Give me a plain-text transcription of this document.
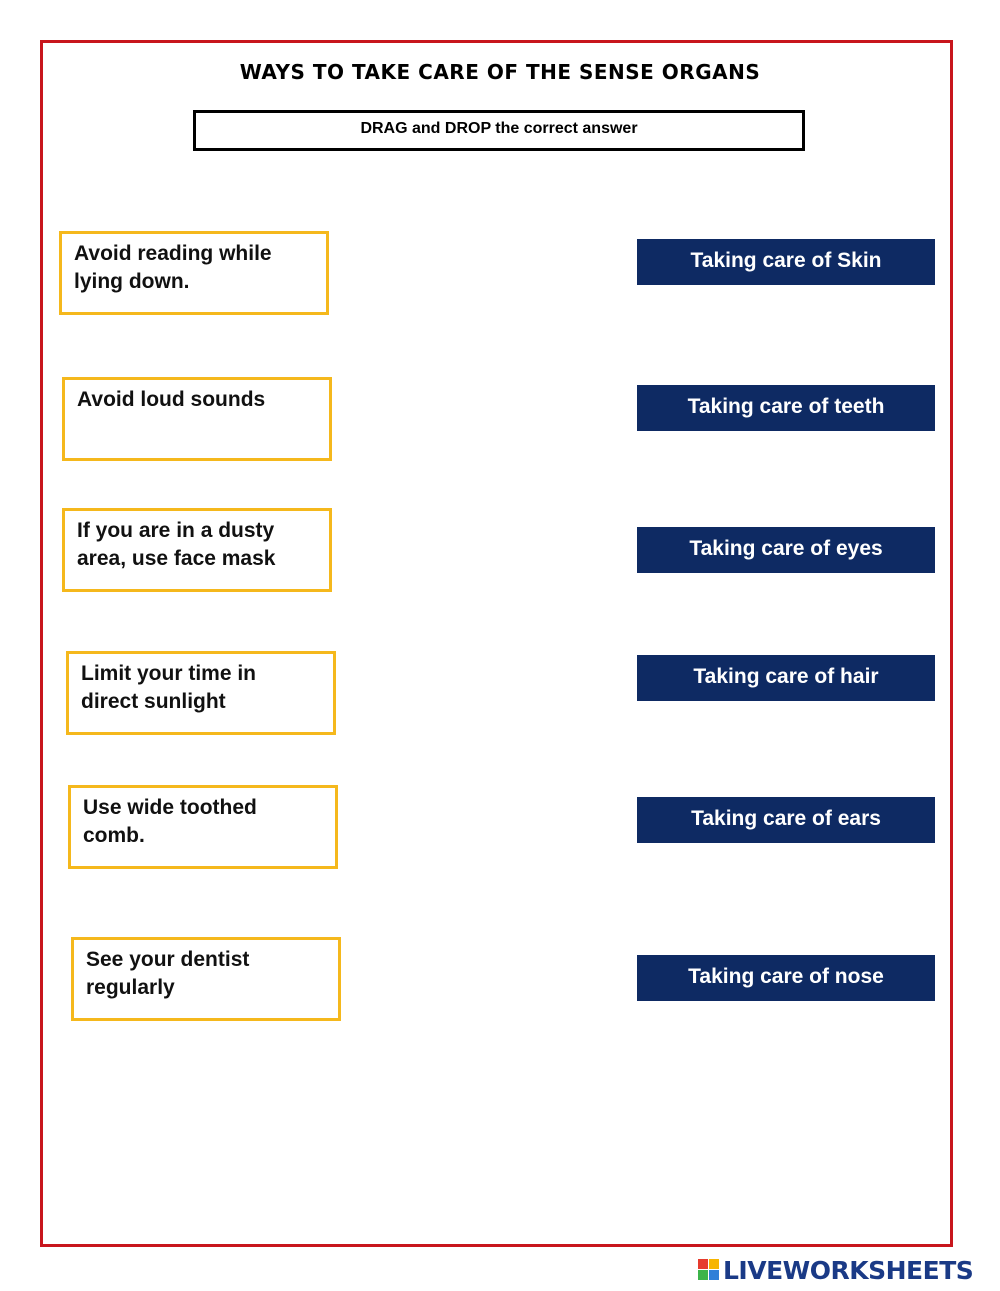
WAYS TO TAKE CARE OF THE SENSE ORGANS
DRAG and DROP the correct answer
Avoid reading while
lying down.
Avoid loud sounds
If you are in a dusty
area, use face mask
Limit your time in
direct sunlight
Use wide toothed
comb.
See your dentist
regularly
Taking care of Skin
Taking care of teeth
Taking care of eyes
Taking care of hair
Taking care of ears
Taking care of nose
LIVEWORKSHEETS
